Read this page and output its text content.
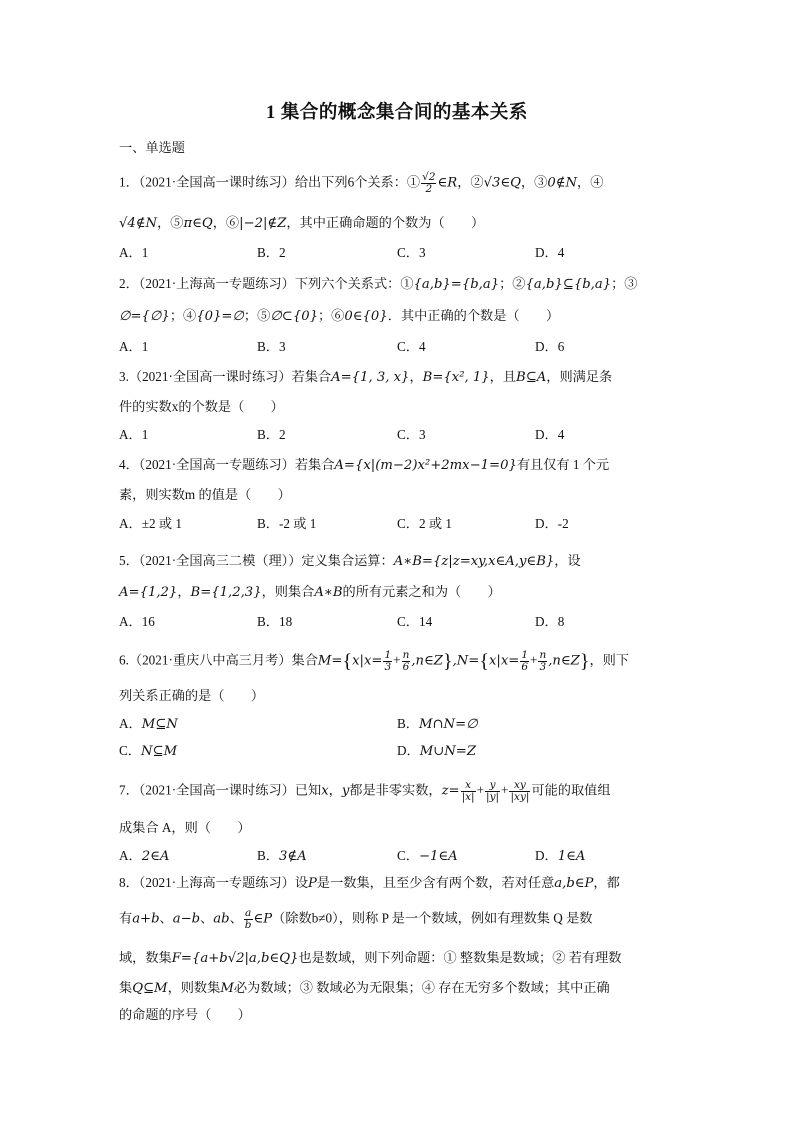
1 集合的概念集合间的基本关系
一、单选题
1．（2021·全国高一课时练习）给出下列6个关系：① $\frac{√2}{2}$ ∈R，②√3∈Q，③0∉N，④
√4∉N，⑤π∈Q，⑥|−2|∉Z，其中正确命题的个数为（　　）
A．1	B．2	C．3	D．4
2．（2021·上海高一专题练习）下列六个关系式：①{a,b}={b,a}；②{a,b}⊆{b,a}；③
∅={∅}；④{0}=∅；⑤∅⊂{0}；⑥0∈{0}．其中正确的个数是（　　）
A．1	B．3	C．4	D．6
3.（2021·全国高一课时练习）若集合A={1, 3, x}，B={x², 1}，且B⊆A，则满足条
件的实数x的个数是（　　）
A．1	B．2	C．3	D．4
4．（2021·全国高一专题练习）若集合A={x|(m−2)x²+2mx−1=0}有且仅有 1 个元
素，则实数m 的值是（　　）
A．±2 或 1	B．-2 或 1	C．2 或 1	D．-2
5．（2021·全国高三二模（理））定义集合运算：A∗B={z|z=xy,x∈A,y∈B}，设
A={1,2}，B={1,2,3}，则集合A∗B的所有元素之和为（　　）
A．16	B．18	C．14	D．8
6.（2021·重庆八中高三月考）集合$M=\{x|x= \frac{1}{3} + \frac{n}{6}$ ,n∈Z},N={x|x= $\frac{1}{6} + \frac{n}{3}$ ,n∈Z}，则下
列关系正确的是（　　）
A．M⊆N	B．M∩N=∅
C．N⊆M	D．M∪N=Z
7．（2021·全国高一课时练习）已知x，y都是非零实数，$z= \frac{x}{|x|} + \frac{y}{|y|} + \frac{xy}{|xy|}$ 可能的取值组
成集合 A，则（　　）
A．2∈A	B．3∉A	C．−1∈A	D．1∈A
8．（2021·上海高一专题练习）设P是一数集，且至少含有两个数，若对任意a,b∈P，都
有a+b、a−b、ab、 $\frac{a}{b}$ ∈P（除数b≠0），则称 P 是一个数域，例如有理数集 Q 是数
域，数集F={a+b√2|a,b∈Q}也是数域，则下列命题：① 整数集是数域；② 若有理数
集Q⊆M，则数集M必为数域；③ 数域必为无限集；④ 存在无穷多个数域；其中正确
的命题的序号（　　）
